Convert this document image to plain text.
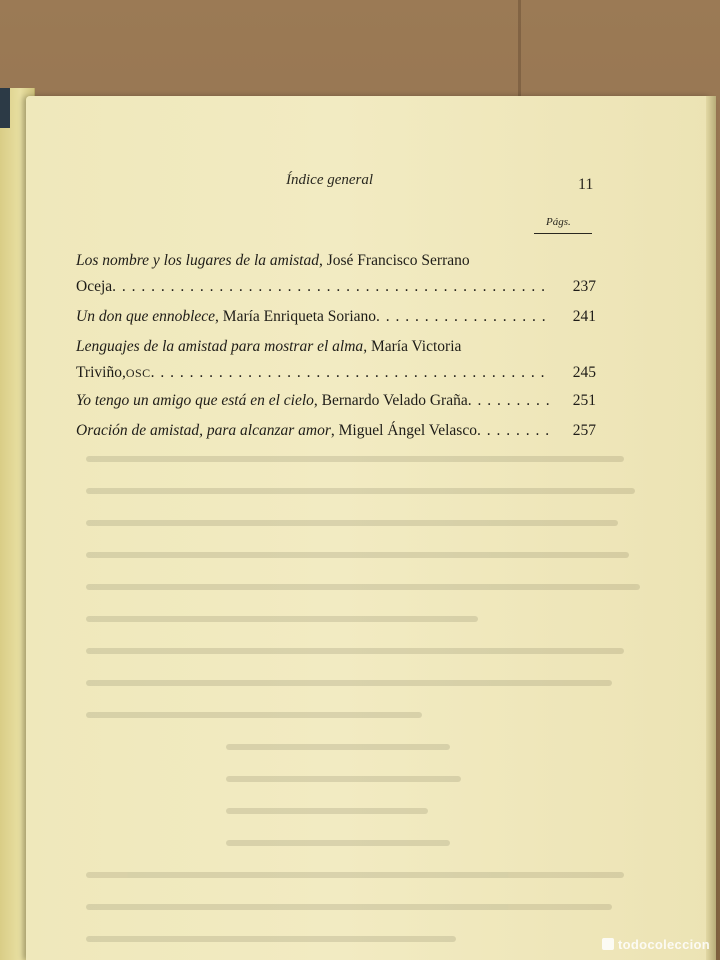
Índice general	11
Págs.
Los nombre y los lugares de la amistad , José Francisco Serrano
Oceja . . .	237
Un don que ennoblece , María Enriqueta Soriano . . .	241
Lenguajes de la amistad para mostrar el alma , María Victoria
Triviño, OSC . . .	245
Yo tengo un amigo que está en el cielo , Bernardo Velado Graña . . .	251
Oración de amistad, para alcanzar amor , Miguel Ángel Velasco . . .	257
todocoleccion
